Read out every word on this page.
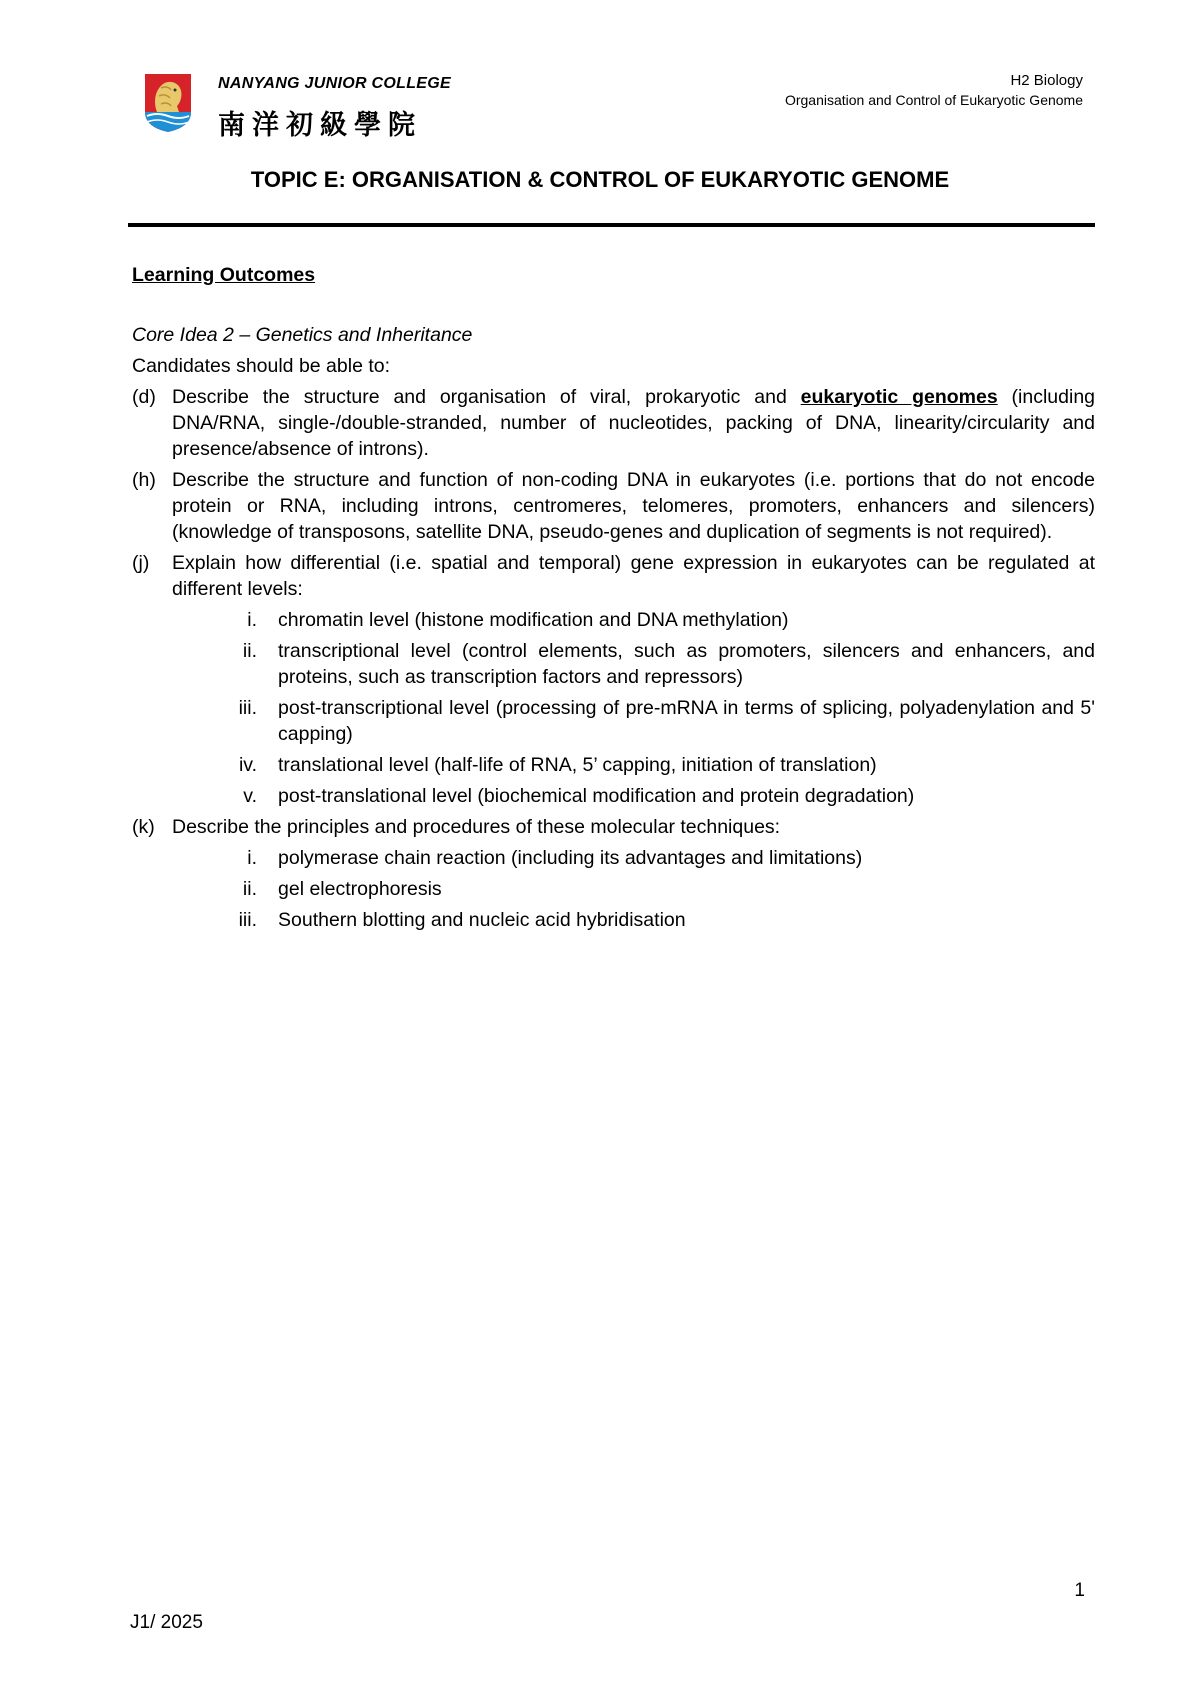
NANYANG JUNIOR COLLEGE
南洋初級學院
H2 Biology
Organisation and Control of Eukaryotic Genome
TOPIC E: ORGANISATION & CONTROL OF EUKARYOTIC GENOME
Learning Outcomes
Core Idea 2 – Genetics and Inheritance
Candidates should be able to:
(d) Describe the structure and organisation of viral, prokaryotic and eukaryotic genomes (including DNA/RNA, single-/double-stranded, number of nucleotides, packing of DNA, linearity/circularity and presence/absence of introns).
(h) Describe the structure and function of non-coding DNA in eukaryotes (i.e. portions that do not encode protein or RNA, including introns, centromeres, telomeres, promoters, enhancers and silencers) (knowledge of transposons, satellite DNA, pseudo-genes and duplication of segments is not required).
(j) Explain how differential (i.e. spatial and temporal) gene expression in eukaryotes can be regulated at different levels:
i. chromatin level (histone modification and DNA methylation)
ii. transcriptional level (control elements, such as promoters, silencers and enhancers, and proteins, such as transcription factors and repressors)
iii. post-transcriptional level (processing of pre-mRNA in terms of splicing, polyadenylation and 5' capping)
iv. translational level (half-life of RNA, 5’ capping, initiation of translation)
v. post-translational level (biochemical modification and protein degradation)
(k) Describe the principles and procedures of these molecular techniques:
i. polymerase chain reaction (including its advantages and limitations)
ii. gel electrophoresis
iii. Southern blotting and nucleic acid hybridisation
1
J1/ 2025
